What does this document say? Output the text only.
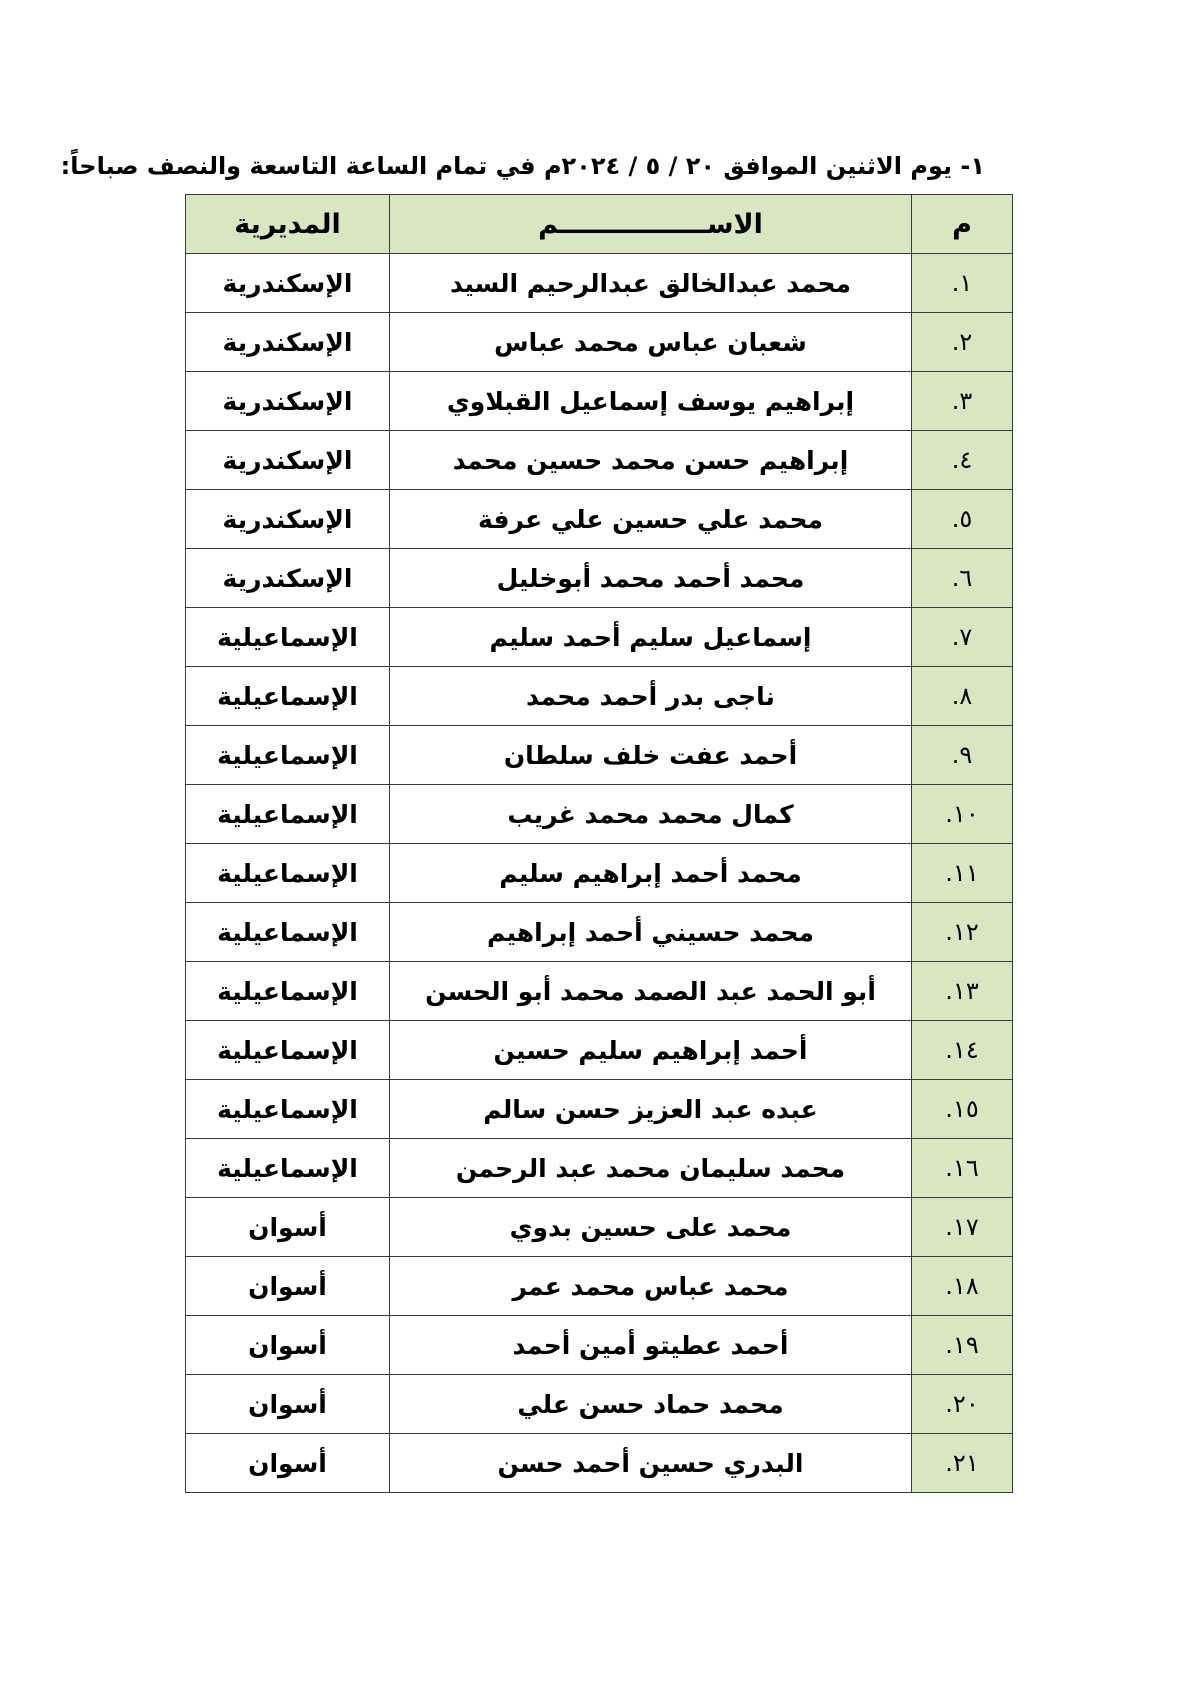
١- يوم الاثنين الموافق ٢٠ / ٥ / ٢٠٢٤م في تمام الساعة التاسعة والنصف صباحاً:
م	الاســــــــــــــــم	المديرية
١.	محمد عبدالخالق عبدالرحيم السيد	الإسكندرية
٢.	شعبان عباس محمد عباس	الإسكندرية
٣.	إبراهيم يوسف إسماعيل القبلاوي	الإسكندرية
٤.	إبراهيم حسن محمد حسين محمد	الإسكندرية
٥.	محمد علي حسين علي عرفة	الإسكندرية
٦.	محمد أحمد محمد أبوخليل	الإسكندرية
٧.	إسماعيل سليم أحمد سليم	الإسماعيلية
٨.	ناجى بدر أحمد محمد	الإسماعيلية
٩.	أحمد عفت خلف سلطان	الإسماعيلية
١٠.	كمال محمد محمد غريب	الإسماعيلية
١١.	محمد أحمد إبراهيم سليم	الإسماعيلية
١٢.	محمد حسيني أحمد إبراهيم	الإسماعيلية
١٣.	أبو الحمد عبد الصمد محمد أبو الحسن	الإسماعيلية
١٤.	أحمد إبراهيم سليم حسين	الإسماعيلية
١٥.	عبده عبد العزيز حسن سالم	الإسماعيلية
١٦.	محمد سليمان محمد عبد الرحمن	الإسماعيلية
١٧.	محمد على حسين بدوي	أسوان
١٨.	محمد عباس محمد عمر	أسوان
١٩.	أحمد عطيتو أمين أحمد	أسوان
٢٠.	محمد حماد حسن علي	أسوان
٢١.	البدري حسين أحمد حسن	أسوان
